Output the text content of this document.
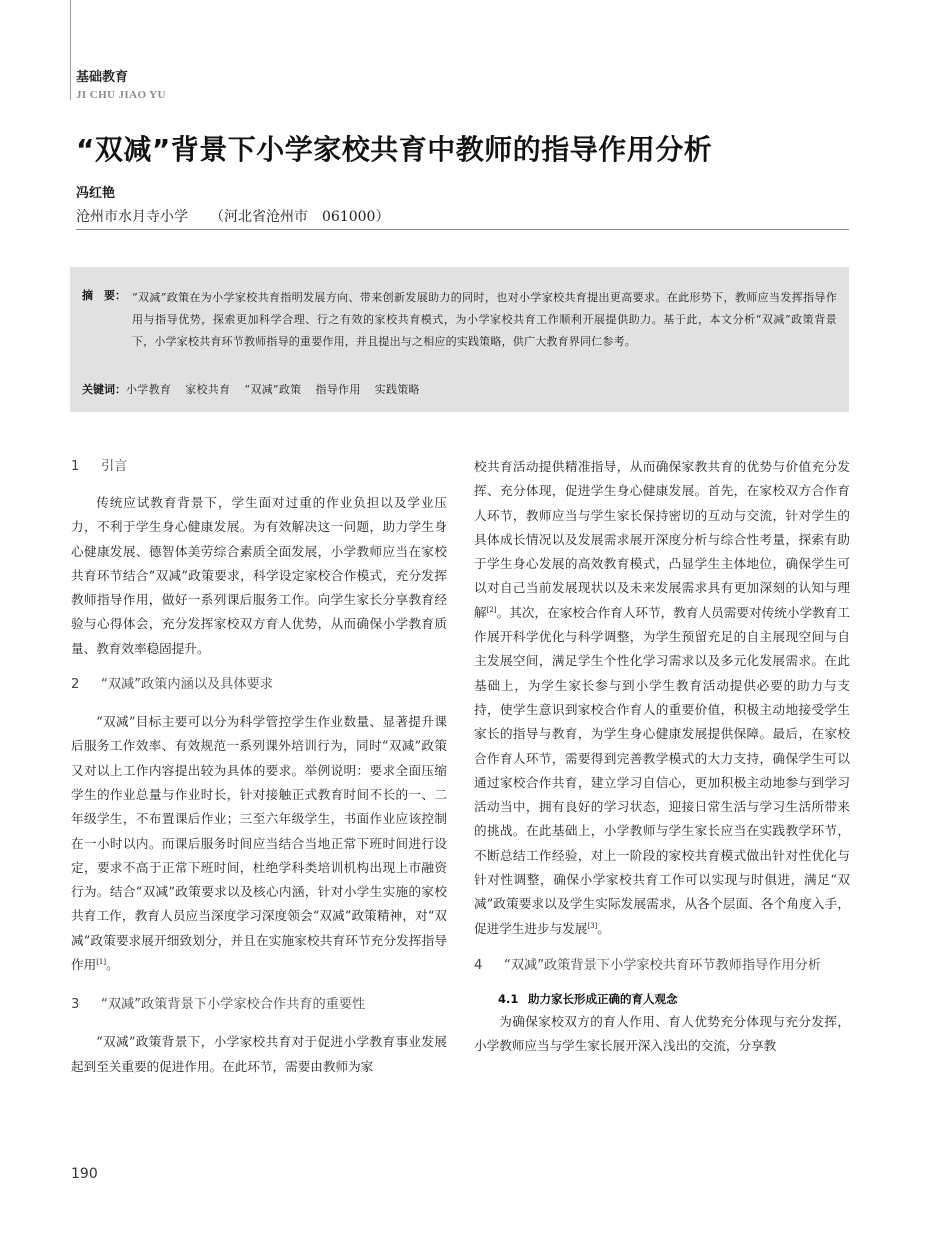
基础教育
JI CHU JIAO YU
“双减”背景下小学家校共育中教师的指导作用分析
冯红艳
沧州市水月寺小学 （河北省沧州市　061000）
摘　要： “双减”政策在为小学家校共育指明发展方向、带来创新发展助力的同时，也对小学家校共育提出更高要求。在此形势下，教师应当发挥指导作用与指导优势，探索更加科学合理、行之有效的家校共育模式，为小学家校共育工作顺利开展提供助力。基于此，本文分析“双减”政策背景下，小学家校共育环节教师指导的重要作用，并且提出与之相应的实践策略，供广大教育界同仁参考。
关键词：小学教育 家校共育 “双减”政策 指导作用 实践策略
1 引言

传统应试教育背景下，学生面对过重的作业负担以及学业压力，不利于学生身心健康发展。为有效解决这一问题，助力学生身心健康发展、德智体美劳综合素质全面发展，小学教师应当在家校共育环节结合“双减”政策要求，科学设定家校合作模式，充分发挥教师指导作用，做好一系列课后服务工作。向学生家长分享教育经验与心得体会，充分发挥家校双方育人优势，从而确保小学教育质量、教育效率稳固提升。

2 “双减”政策内涵以及具体要求

“双减”目标主要可以分为科学管控学生作业数量、显著提升课后服务工作效率、有效规范一系列课外培训行为，同时“双减”政策又对以上工作内容提出较为具体的要求。举例说明：要求全面压缩学生的作业总量与作业时长，针对接触正式教育时间不长的一、二年级学生，不布置课后作业；三至六年级学生，书面作业应该控制在一小时以内。而课后服务时间应当结合当地正常下班时间进行设定，要求不高于正常下班时间，杜绝学科类培训机构出现上市融资行为。结合“双减”政策要求以及核心内涵，针对小学生实施的家校共育工作，教育人员应当深度学习深度领会“双减”政策精神，对“双减”政策要求展开细致划分，并且在实施家校共育环节充分发挥指导作用[1]。

3 “双减”政策背景下小学家校合作共育的重要性

“双减”政策背景下，小学家校共育对于促进小学教育事业发展起到至关重要的促进作用。在此环节，需要由教师为家

校共育活动提供精准指导，从而确保家教共育的优势与价值充分发挥、充分体现，促进学生身心健康发展。首先，在家校双方合作育人环节，教师应当与学生家长保持密切的互动与交流，针对学生的具体成长情况以及发展需求展开深度分析与综合性考量，探索有助于学生身心发展的高效教育模式，凸显学生主体地位，确保学生可以对自己当前发展现状以及未来发展需求具有更加深刻的认知与理解[2]。其次，在家校合作育人环节，教育人员需要对传统小学教育工作展开科学优化与科学调整，为学生预留充足的自主展现空间与自主发展空间，满足学生个性化学习需求以及多元化发展需求。在此基础上，为学生家长参与到小学生教育活动提供必要的助力与支持，使学生意识到家校合作育人的重要价值，积极主动地接受学生家长的指导与教育，为学生身心健康发展提供保障。最后，在家校合作育人环节，需要得到完善教学模式的大力支持，确保学生可以通过家校合作共育，建立学习自信心，更加积极主动地参与到学习活动当中，拥有良好的学习状态，迎接日常生活与学习生活所带来的挑战。在此基础上，小学教师与学生家长应当在实践教学环节，不断总结工作经验，对上一阶段的家校共育模式做出针对性优化与针对性调整，确保小学家校共育工作可以实现与时俱进，满足“双减”政策要求以及学生实际发展需求，从各个层面、各个角度入手，促进学生进步与发展[3]。

4 “双减”政策背景下小学家校共育环节教师指导作用分析
4.1 助力家长形成正确的育人观念

为确保家校双方的育人作用、育人优势充分体现与充分发挥，小学教师应当与学生家长展开深入浅出的交流，分享教

190
